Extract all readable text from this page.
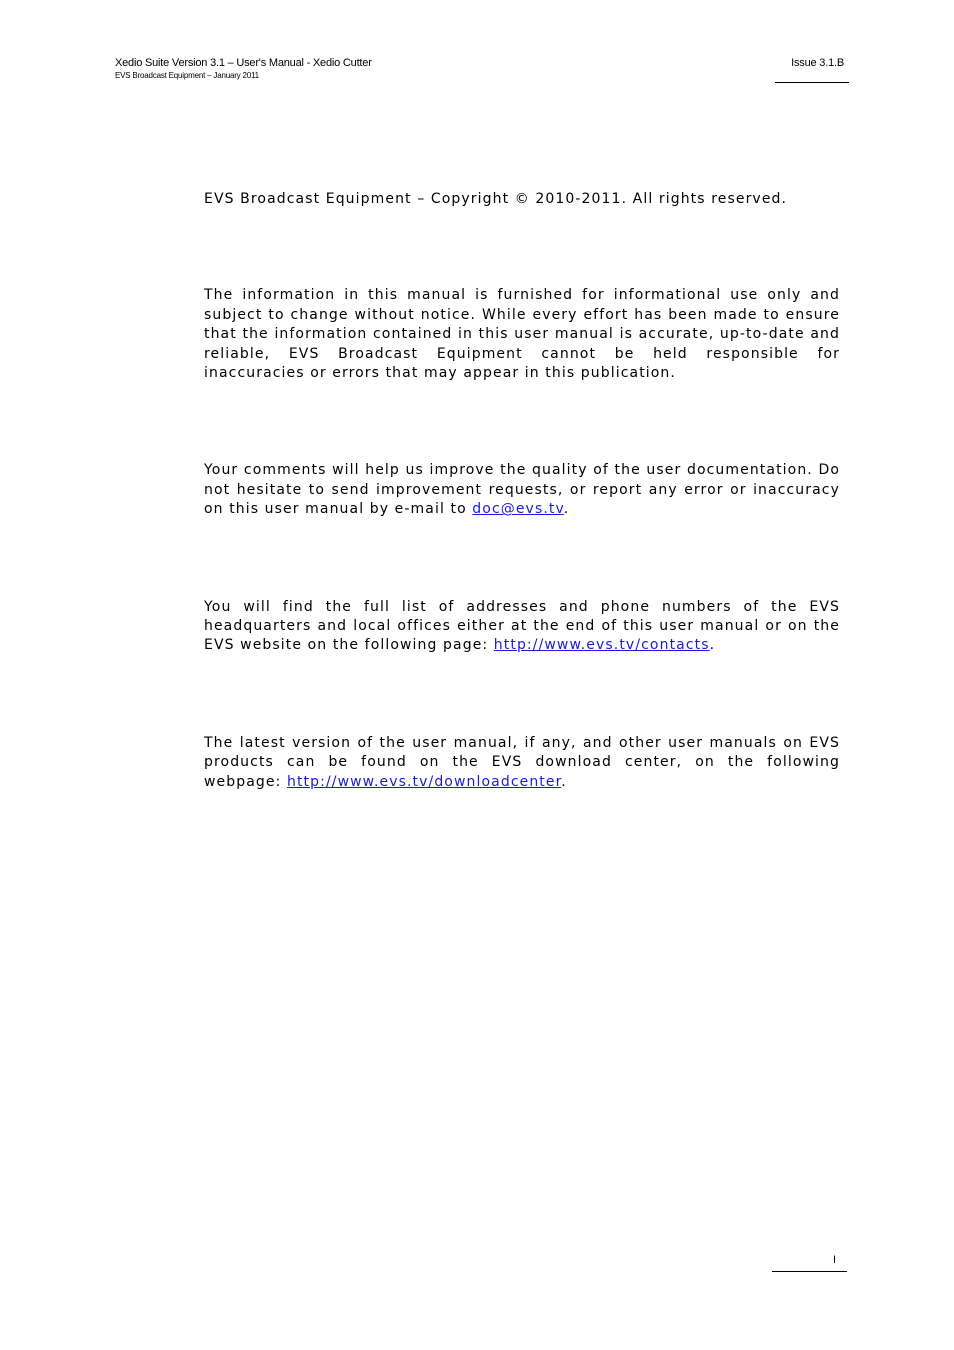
Xedio Suite Version 3.1 – User's Manual - Xedio Cutter
EVS Broadcast Equipment – January 2011
Issue 3.1.B

EVS Broadcast Equipment – Copyright © 2010-2011. All rights reserved.

The information in this manual is furnished for informational use only and subject to change without notice. While every effort has been made to ensure that the information contained in this user manual is accurate, up-to-date and reliable, EVS Broadcast Equipment cannot be held responsible for inaccuracies or errors that may appear in this publication.

Your comments will help us improve the quality of the user documentation. Do not hesitate to send improvement requests, or report any error or inaccuracy on this user manual by e-mail to doc@evs.tv.

You will find the full list of addresses and phone numbers of the EVS headquarters and local offices either at the end of this user manual or on the EVS website on the following page: http://www.evs.tv/contacts.

The latest version of the user manual, if any, and other user manuals on EVS products can be found on the EVS download center, on the following webpage: http://www.evs.tv/downloadcenter.

I
